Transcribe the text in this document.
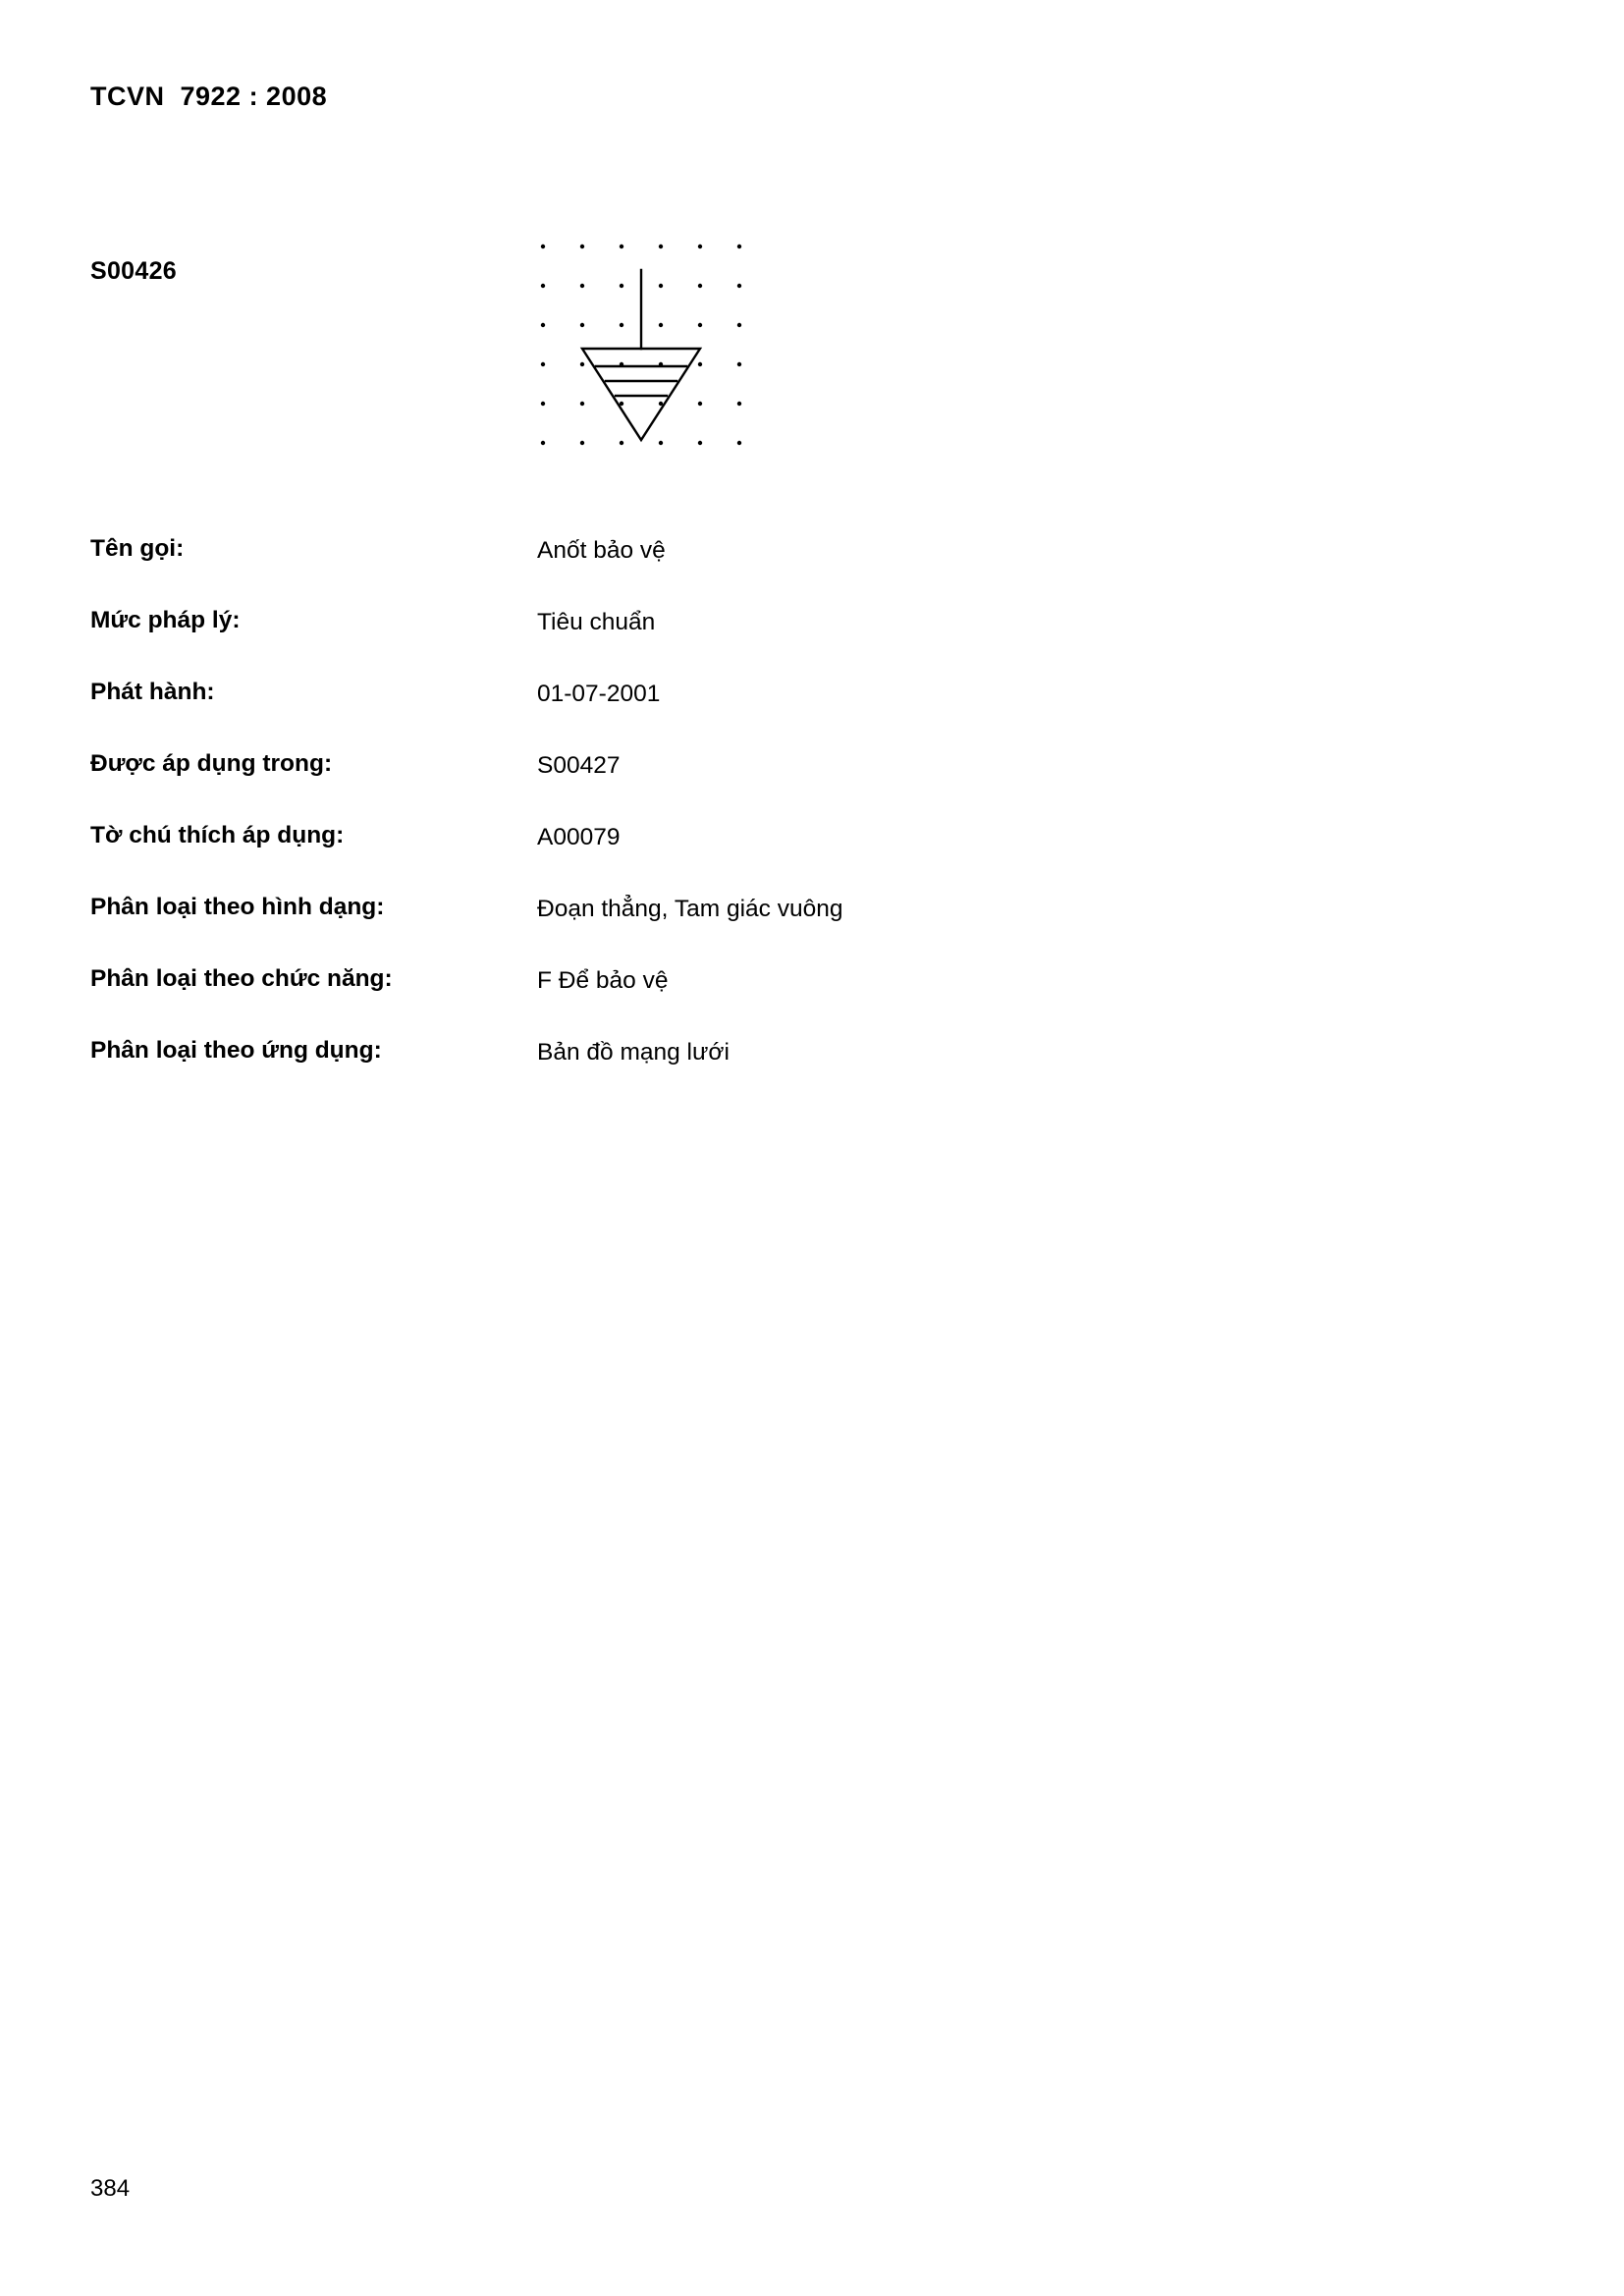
TCVN  7922 : 2008
S00426
Tên gọi:	Anốt bảo vệ
Mức pháp lý:	Tiêu chuẩn
Phát hành:	01-07-2001
Được áp dụng trong:	S00427
Tờ chú thích áp dụng:	A00079
Phân loại theo hình dạng:	Đoạn thẳng, Tam giác vuông
Phân loại theo chức năng:	F Để bảo vệ
Phân loại theo ứng dụng:	Bản đồ mạng lưới
384
